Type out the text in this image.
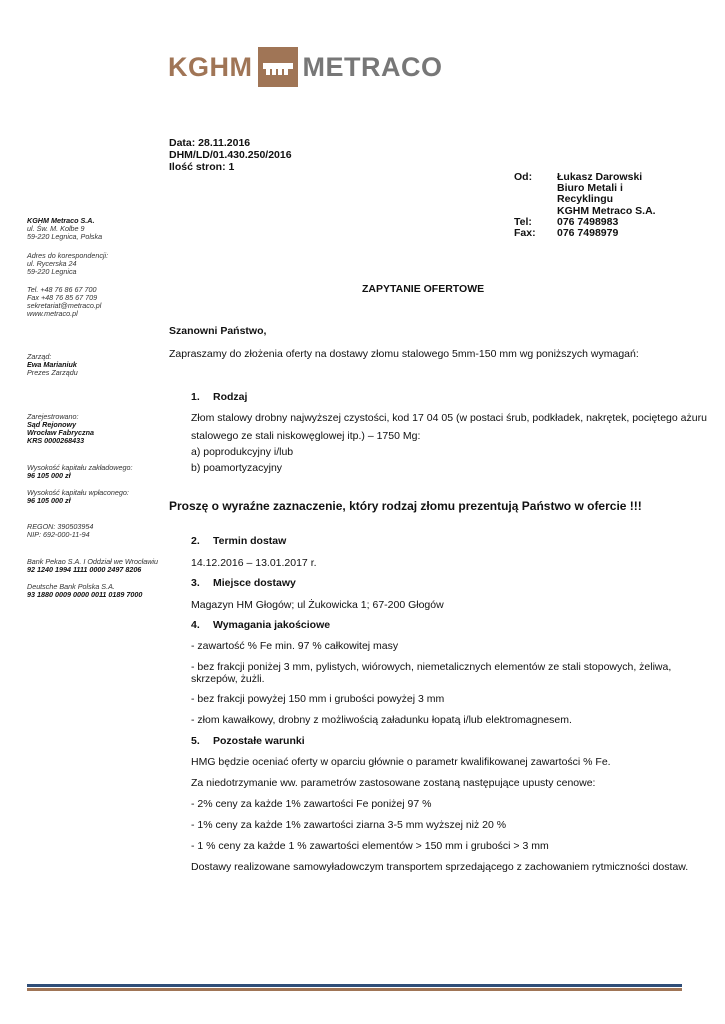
KGHM METRACO
Data: 28.11.2016
DHM/LD/01.430.250/2016
Ilość stron: 1
Od:	Łukasz Darowski
Biuro Metali i
Recyklingu
KGHM Metraco S.A.
Tel:	076 7498983
Fax:	076 7498979
KGHM Metraco S.A.
ul. Św. M. Kolbe 9
59-220 Legnica, Polska
Adres do korespondencji:
ul. Rycerska 24
59-220 Legnica
Tel. +48 76 86 67 700
Fax +48 76 85 67 709
sekretariat@metraco.pl
www.metraco.pl
Zarząd:
Ewa Marianiuk
Prezes Zarządu
Zarejestrowano:
Sąd Rejonowy
Wrocław Fabryczna
KRS 0000268433
Wysokość kapitału zakładowego:
96 105 000 zł
Wysokość kapitału wpłaconego:
96 105 000 zł
REGON: 390503954
NIP: 692-000-11-94
Bank Pekao S.A. I Oddział we Wrocławiu
92 1240 1994 1111 0000 2497 8206
Deutsche Bank Polska S.A.
93 1880 0009 0000 0011 0189 7000
ZAPYTANIE OFERTOWE
Szanowni Państwo,
Zapraszamy do złożenia oferty na dostawy złomu stalowego 5mm-150 mm wg poniższych wymagań:
1. Rodzaj
Złom stalowy drobny najwyższej czystości, kod 17 04 05 (w postaci śrub, podkładek, nakrętek, pociętego ażuru
stalowego ze stali niskowęglowej itp.) – 1750 Mg:
a) poprodukcyjny i/lub
b) poamortyzacyjny
Proszę o wyraźne zaznaczenie, który rodzaj złomu prezentują Państwo w ofercie !!!
2. Termin dostaw
14.12.2016 – 13.01.2017 r.
3. Miejsce dostawy
Magazyn HM Głogów; ul Żukowicka 1; 67-200 Głogów
4. Wymagania jakościowe
- zawartość % Fe min. 97 % całkowitej masy
- bez frakcji poniżej 3 mm, pylistych, wiórowych, niemetalicznych elementów ze stali stopowych, żeliwa,
skrzepów, żużli.
- bez frakcji powyżej 150 mm i grubości powyżej 3 mm
- złom kawałkowy, drobny z możliwością załadunku łopatą i/lub elektromagnesem.
5. Pozostałe warunki
HMG będzie oceniać oferty w oparciu głównie o parametr kwalifikowanej zawartości % Fe.
Za niedotrzymanie ww. parametrów zastosowane zostaną następujące upusty cenowe:
- 2% ceny za każde 1% zawartości Fe poniżej 97 %
- 1% ceny za każde 1% zawartości ziarna 3-5 mm wyższej niż 20 %
- 1 % ceny za każde 1 % zawartości elementów > 150 mm i grubości > 3 mm
Dostawy realizowane samowyładowczym transportem sprzedającego z zachowaniem rytmiczności dostaw.
